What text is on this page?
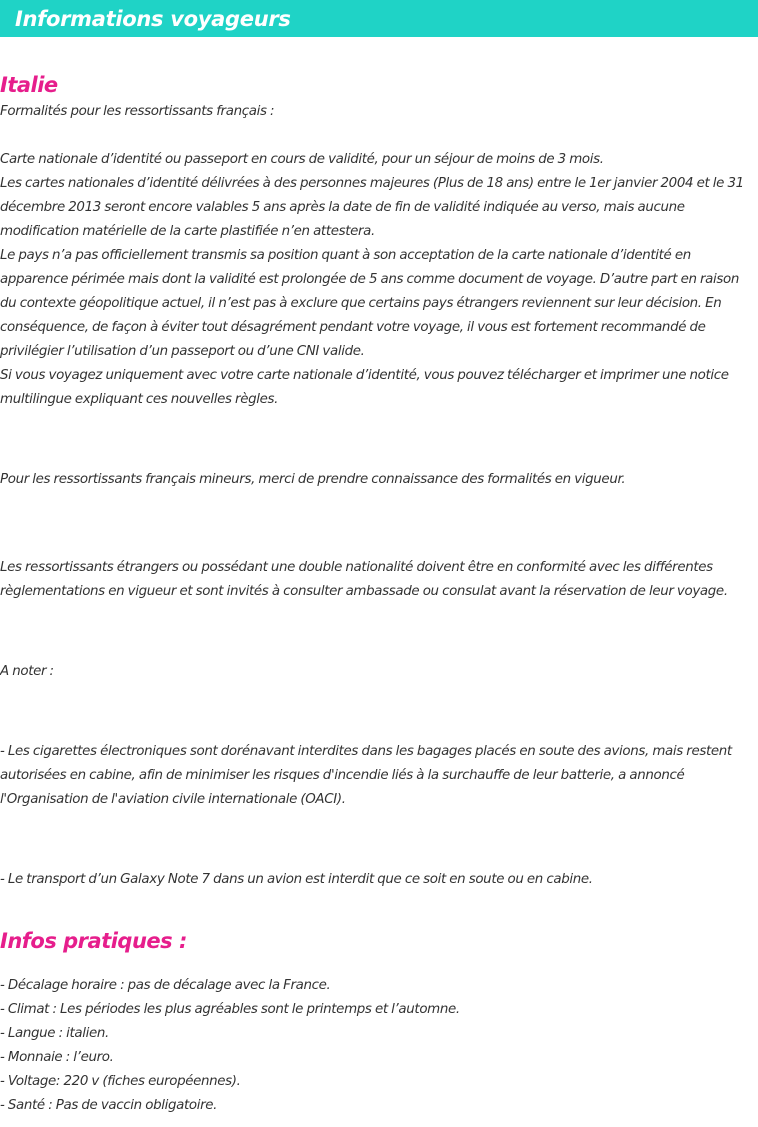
Informations voyageurs
Italie

Formalités pour les ressortissants français :

Carte nationale d’identité ou passeport en cours de validité, pour un séjour de moins de 3 mois.

Les cartes nationales d’identité délivrées à des personnes majeures (Plus de 18 ans) entre le 1er janvier 2004 et le 31 décembre 2013 seront encore valables 5 ans après la date de fin de validité indiquée au verso, mais aucune modification matérielle de la carte plastifiée n’en attestera.

Le pays n’a pas officiellement transmis sa position quant à son acceptation de la carte nationale d’identité en apparence périmée mais dont la validité est prolongée de 5 ans comme document de voyage. D’autre part en raison du contexte géopolitique actuel, il n’est pas à exclure que certains pays étrangers reviennent sur leur décision. En conséquence, de façon à éviter tout désagrément pendant votre voyage, il vous est fortement recommandé de privilégier l’utilisation d’un passeport ou d’une CNI valide.

Si vous voyagez uniquement avec votre carte nationale d’identité, vous pouvez télécharger et imprimer une notice multilingue expliquant ces nouvelles règles.

Pour les ressortissants français mineurs, merci de prendre connaissance des formalités en vigueur.

Les ressortissants étrangers ou possédant une double nationalité doivent être en conformité avec les différentes règlementations en vigueur et sont invités à consulter ambassade ou consulat avant la réservation de leur voyage.

A noter :

- Les cigarettes électroniques sont dorénavant interdites dans les bagages placés en soute des avions, mais restent autorisées en cabine, afin de minimiser les risques d'incendie liés à la surchauffe de leur batterie, a annoncé l'Organisation de l'aviation civile internationale (OACI).

- Le transport d’un Galaxy Note 7 dans un avion est interdit que ce soit en soute ou en cabine.

Infos pratiques :

- Décalage horaire : pas de décalage avec la France.

- Climat : Les périodes les plus agréables sont le printemps et l’automne.

- Langue : italien.

- Monnaie : l’euro.

- Voltage: 220 v (fiches européennes).

- Santé : Pas de vaccin obligatoire.
